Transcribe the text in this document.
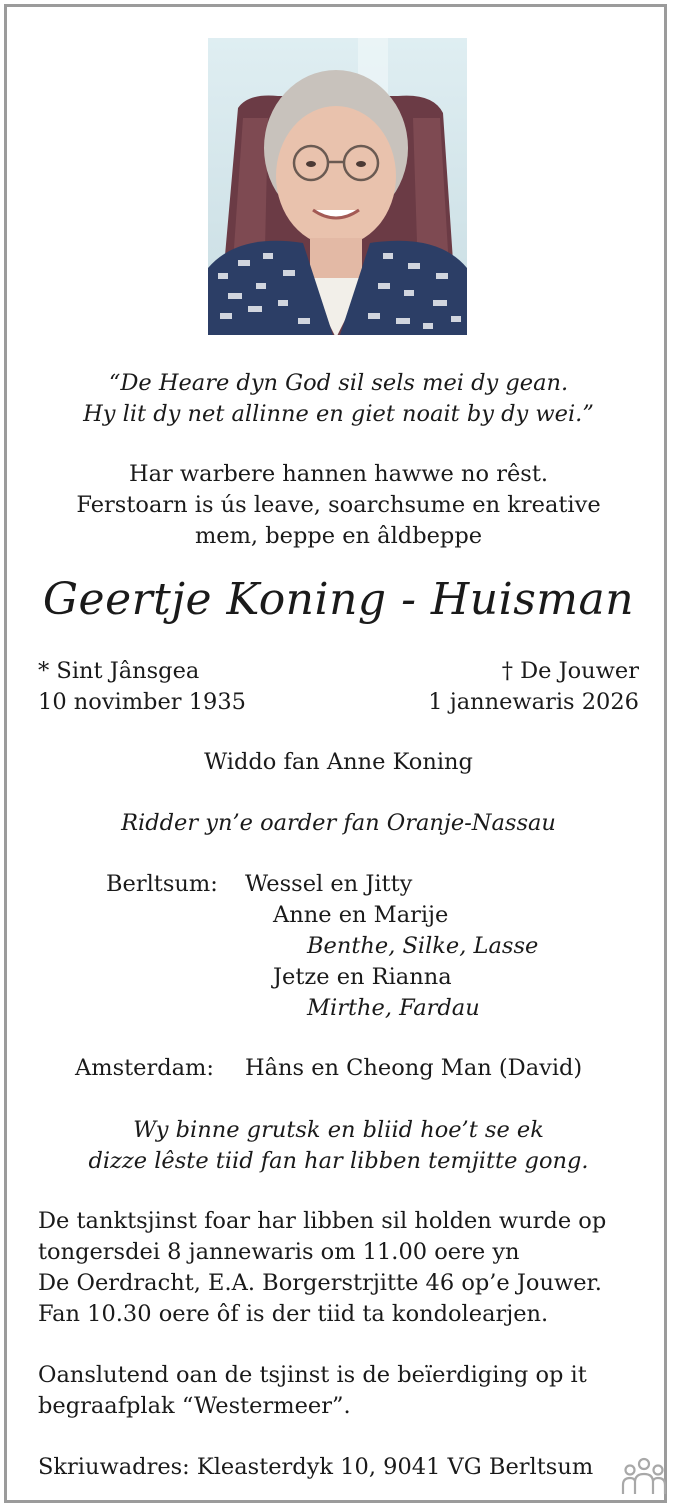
“De Heare dyn God sil sels mei dy gean.
Hy lit dy net allinne en giet noait by dy wei.”
Har warbere hannen hawwe no rêst.
Ferstoarn is ús leave, soarchsume en kreative
mem, beppe en âldbeppe
Geertje Koning - Huisman
* Sint Jânsgea
10 novimber 1935
† De Jouwer
1 jannewaris 2026
Widdo fan Anne Koning
Ridder yn’e oarder fan Oranje-Nassau
Berltsum: Wessel en Jitty
Anne en Marije
Benthe, Silke, Lasse
Jetze en Rianna
Mirthe, Fardau
Amsterdam: Hâns en Cheong Man (David)
Wy binne grutsk en bliid hoe’t se ek
dizze lêste tiid fan har libben temjitte gong.
De tanktsjinst foar har libben sil holden wurde op
tongersdei 8 jannewaris om 11.00 oere yn
De Oerdracht, E.A. Borgerstrjitte 46 op’e Jouwer.
Fan 10.30 oere ôf is der tiid ta kondolearjen.
Oanslutend oan de tsjinst is de beïerdiging op it
begraafplak “Westermeer”.
Skriuwadres: Kleasterdyk 10, 9041 VG Berltsum
